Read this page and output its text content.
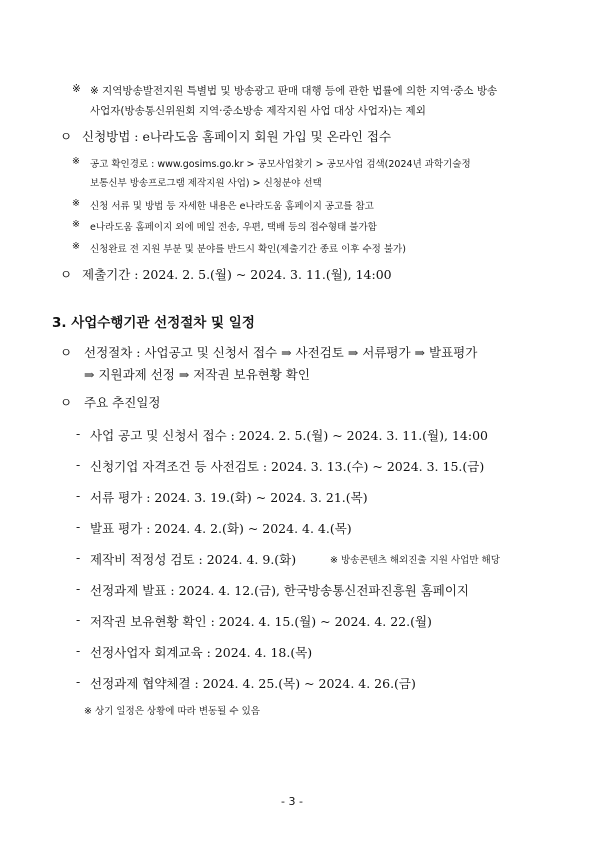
※ ※ 지역방송발전지원 특별법 및 방송광고 판매 대행 등에 관한 법률에 의한 지역·중소 방송
사업자(방송통신위원회 지역·중소방송 제작지원 사업 대상 사업자)는 제외
ㅇ 신청방법 : e나라도움 홈페이지 회원 가입 및 온라인 접수
※ 공고 확인경로 : www.gosims.go.kr > 공모사업찾기 > 공모사업 검색(2024년 과학기술정
보통신부 방송프로그램 제작지원 사업) > 신청분야 선택
※ 신청 서류 및 방법 등 자세한 내용은 e나라도움 홈페이지 공고를 참고
※ e나라도움 홈페이지 외에 메일 전송, 우편, 택배 등의 접수형태 불가함
※ 신청완료 전 지원 부분 및 분야를 반드시 확인(제출기간 종료 이후 수정 불가)
ㅇ 제출기간 : 2024. 2. 5.(월) ~ 2024. 3. 11.(월), 14:00
3. 사업수행기관 선정절차 및 일정
ㅇ 선정절차 : 사업공고 및 신청서 접수 ⇒ 사전검토 ⇒ 서류평가 ⇒ 발표평가
⇒ 지원과제 선정 ⇒ 저작권 보유현황 확인
ㅇ 주요 추진일정
- 사업 공고 및 신청서 접수 : 2024. 2. 5.(월) ~ 2024. 3. 11.(월), 14:00
- 신청기업 자격조건 등 사전검토 : 2024. 3. 13.(수) ~ 2024. 3. 15.(금)
- 서류 평가 : 2024. 3. 19.(화) ~ 2024. 3. 21.(목)
- 발표 평가 : 2024. 4. 2.(화) ~ 2024. 4. 4.(목)
- 제작비 적정성 검토 : 2024. 4. 9.(화)	※ 방송콘텐츠 해외진출 지원 사업만 해당
- 선정과제 발표 : 2024. 4. 12.(금), 한국방송통신전파진흥원 홈페이지
- 저작권 보유현황 확인 : 2024. 4. 15.(월) ~ 2024. 4. 22.(월)
- 선정사업자 회계교육 : 2024. 4. 18.(목)
- 선정과제 협약체결 : 2024. 4. 25.(목) ~ 2024. 4. 26.(금)
※ 상기 일정은 상황에 따라 변동될 수 있음
- 3 -
